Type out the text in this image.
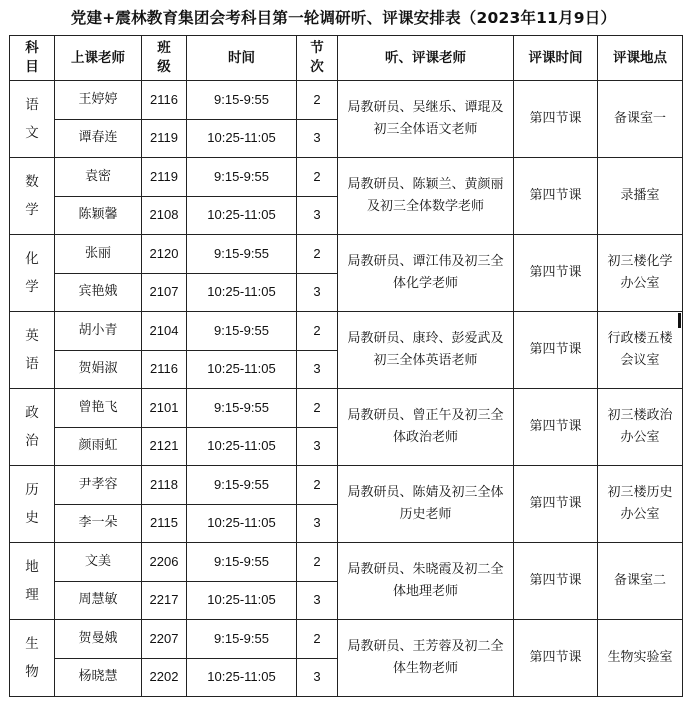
党建+震林教育集团会考科目第一轮调研听、评课安排表（2023年11月9日）
科
目	上课老师	班
级	时间	节
次	听、评课老师	评课时间	评课地点

语
文	王婷婷	2116	9:15-9:55	2	局教研员、吴继乐、谭琨及初三全体语文老师	第四节课	备课室一
	谭春连	2119	10:25-11:05	3			

数
学	袁密	2119	9:15-9:55	2	局教研员、陈颖兰、黄颜丽及初三全体数学老师	第四节课	录播室
	陈颖馨	2108	10:25-11:05	3			

化
学	张丽	2120	9:15-9:55	2	局教研员、谭江伟及初三全体化学老师	第四节课	初三楼化学办公室
	宾艳娥	2107	10:25-11:05	3			

英
语	胡小青	2104	9:15-9:55	2	局教研员、康玲、彭爱武及初三全体英语老师	第四节课	行政楼五楼会议室
	贺娟淑	2116	10:25-11:05	3			

政
治	曾艳飞	2101	9:15-9:55	2	局教研员、曾正午及初三全体政治老师	第四节课	初三楼政治办公室
	颜雨虹	2121	10:25-11:05	3			

历
史	尹孝容	2118	9:15-9:55	2	局教研员、陈婧及初三全体历史老师	第四节课	初三楼历史办公室
	李一朵	2115	10:25-11:05	3			

地
理	文美	2206	9:15-9:55	2	局教研员、朱晓霞及初二全体地理老师	第四节课	备课室二
	周慧敏	2217	10:25-11:05	3			

生
物	贺曼娥	2207	9:15-9:55	2	局教研员、王芳蓉及初二全体生物老师	第四节课	生物实验室
	杨晓慧	2202	10:25-11:05	3			
